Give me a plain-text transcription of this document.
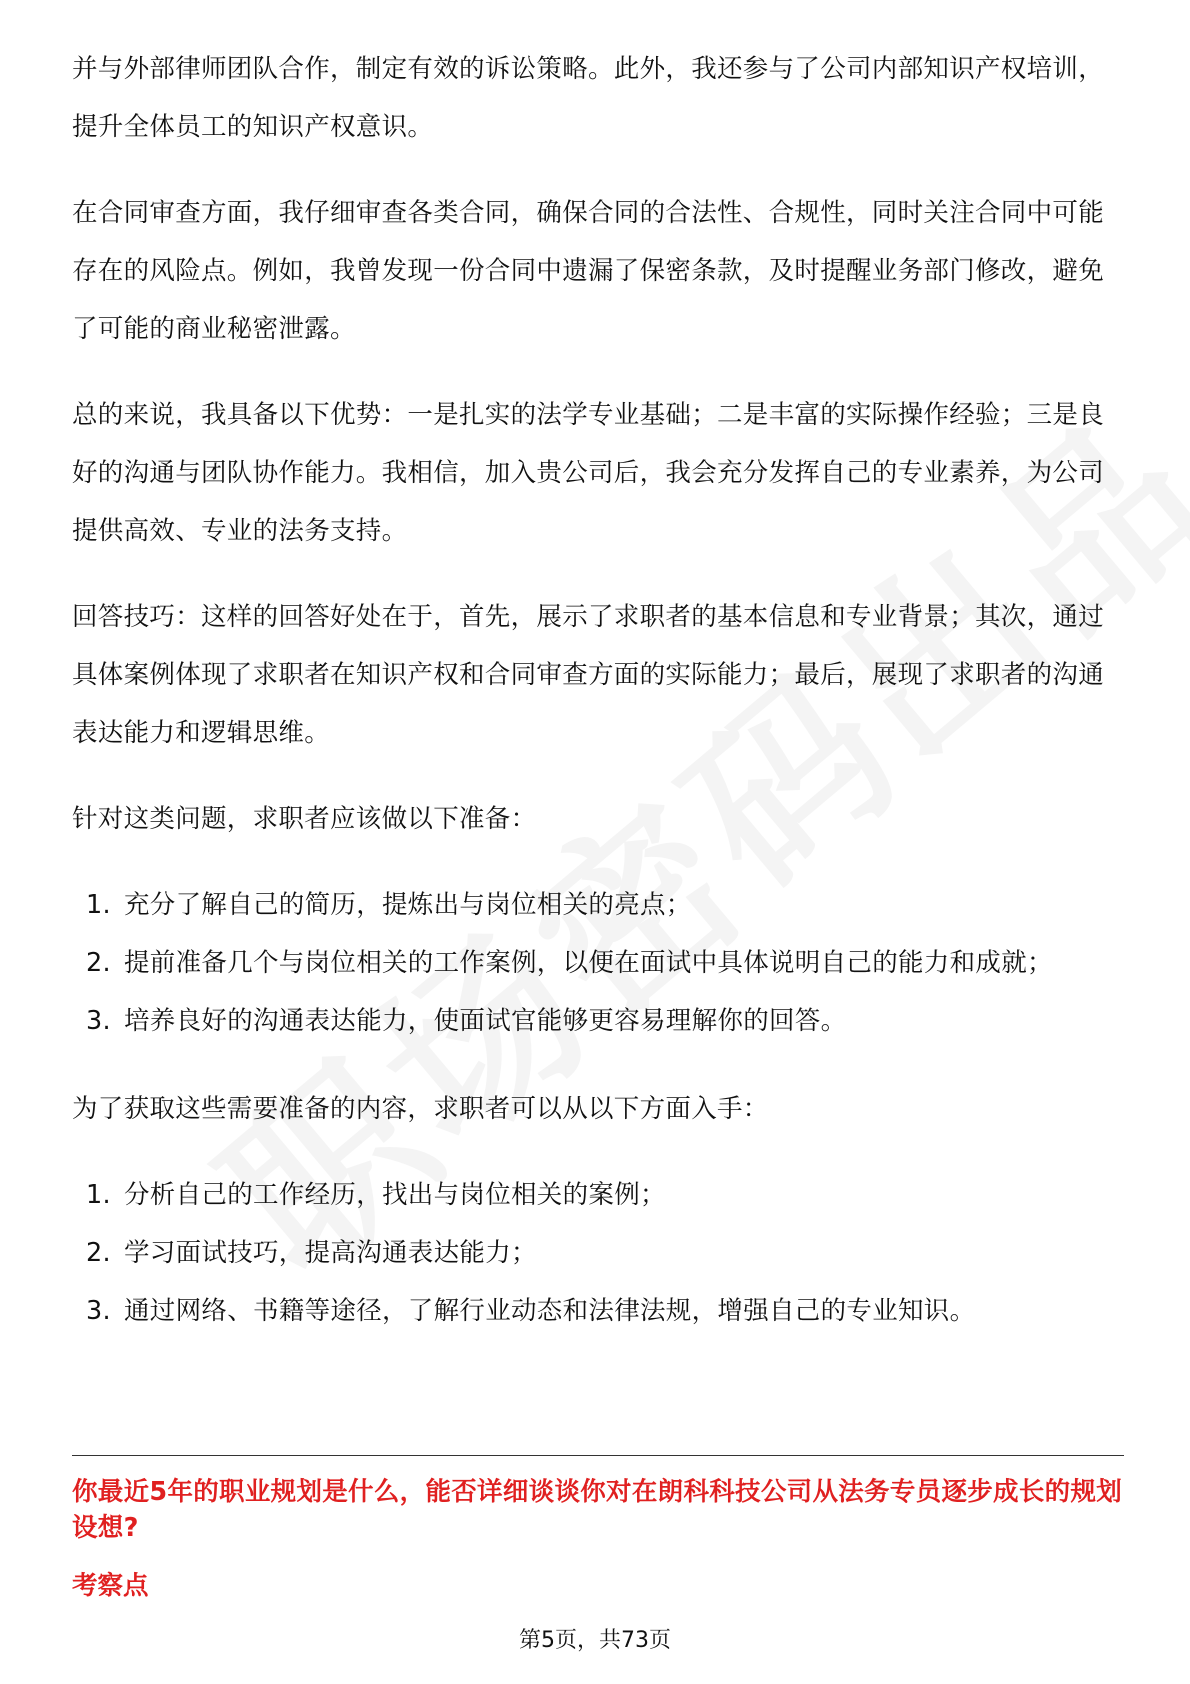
并与外部律师团队合作，制定有效的诉讼策略。此外，我还参与了公司内部知识产权培训，提升全体员工的知识产权意识。

在合同审查方面，我仔细审查各类合同，确保合同的合法性、合规性，同时关注合同中可能存在的风险点。例如，我曾发现一份合同中遗漏了保密条款，及时提醒业务部门修改，避免了可能的商业秘密泄露。

总的来说，我具备以下优势：一是扎实的法学专业基础；二是丰富的实际操作经验；三是良好的沟通与团队协作能力。我相信，加入贵公司后，我会充分发挥自己的专业素养，为公司提供高效、专业的法务支持。

回答技巧：这样的回答好处在于，首先，展示了求职者的基本信息和专业背景；其次，通过具体案例体现了求职者在知识产权和合同审查方面的实际能力；最后，展现了求职者的沟通表达能力和逻辑思维。

针对这类问题，求职者应该做以下准备：

1. 充分了解自己的简历，提炼出与岗位相关的亮点；
2. 提前准备几个与岗位相关的工作案例，以便在面试中具体说明自己的能力和成就；
3. 培养良好的沟通表达能力，使面试官能够更容易理解你的回答。

为了获取这些需要准备的内容，求职者可以从以下方面入手：

1. 分析自己的工作经历，找出与岗位相关的案例；
2. 学习面试技巧，提高沟通表达能力；
3. 通过网络、书籍等途径，了解行业动态和法律法规，增强自己的专业知识。
你最近5年的职业规划是什么，能否详细谈谈你对在朗科科技公司从法务专员逐步成长的规划设想?
考察点
第5页，共73页
